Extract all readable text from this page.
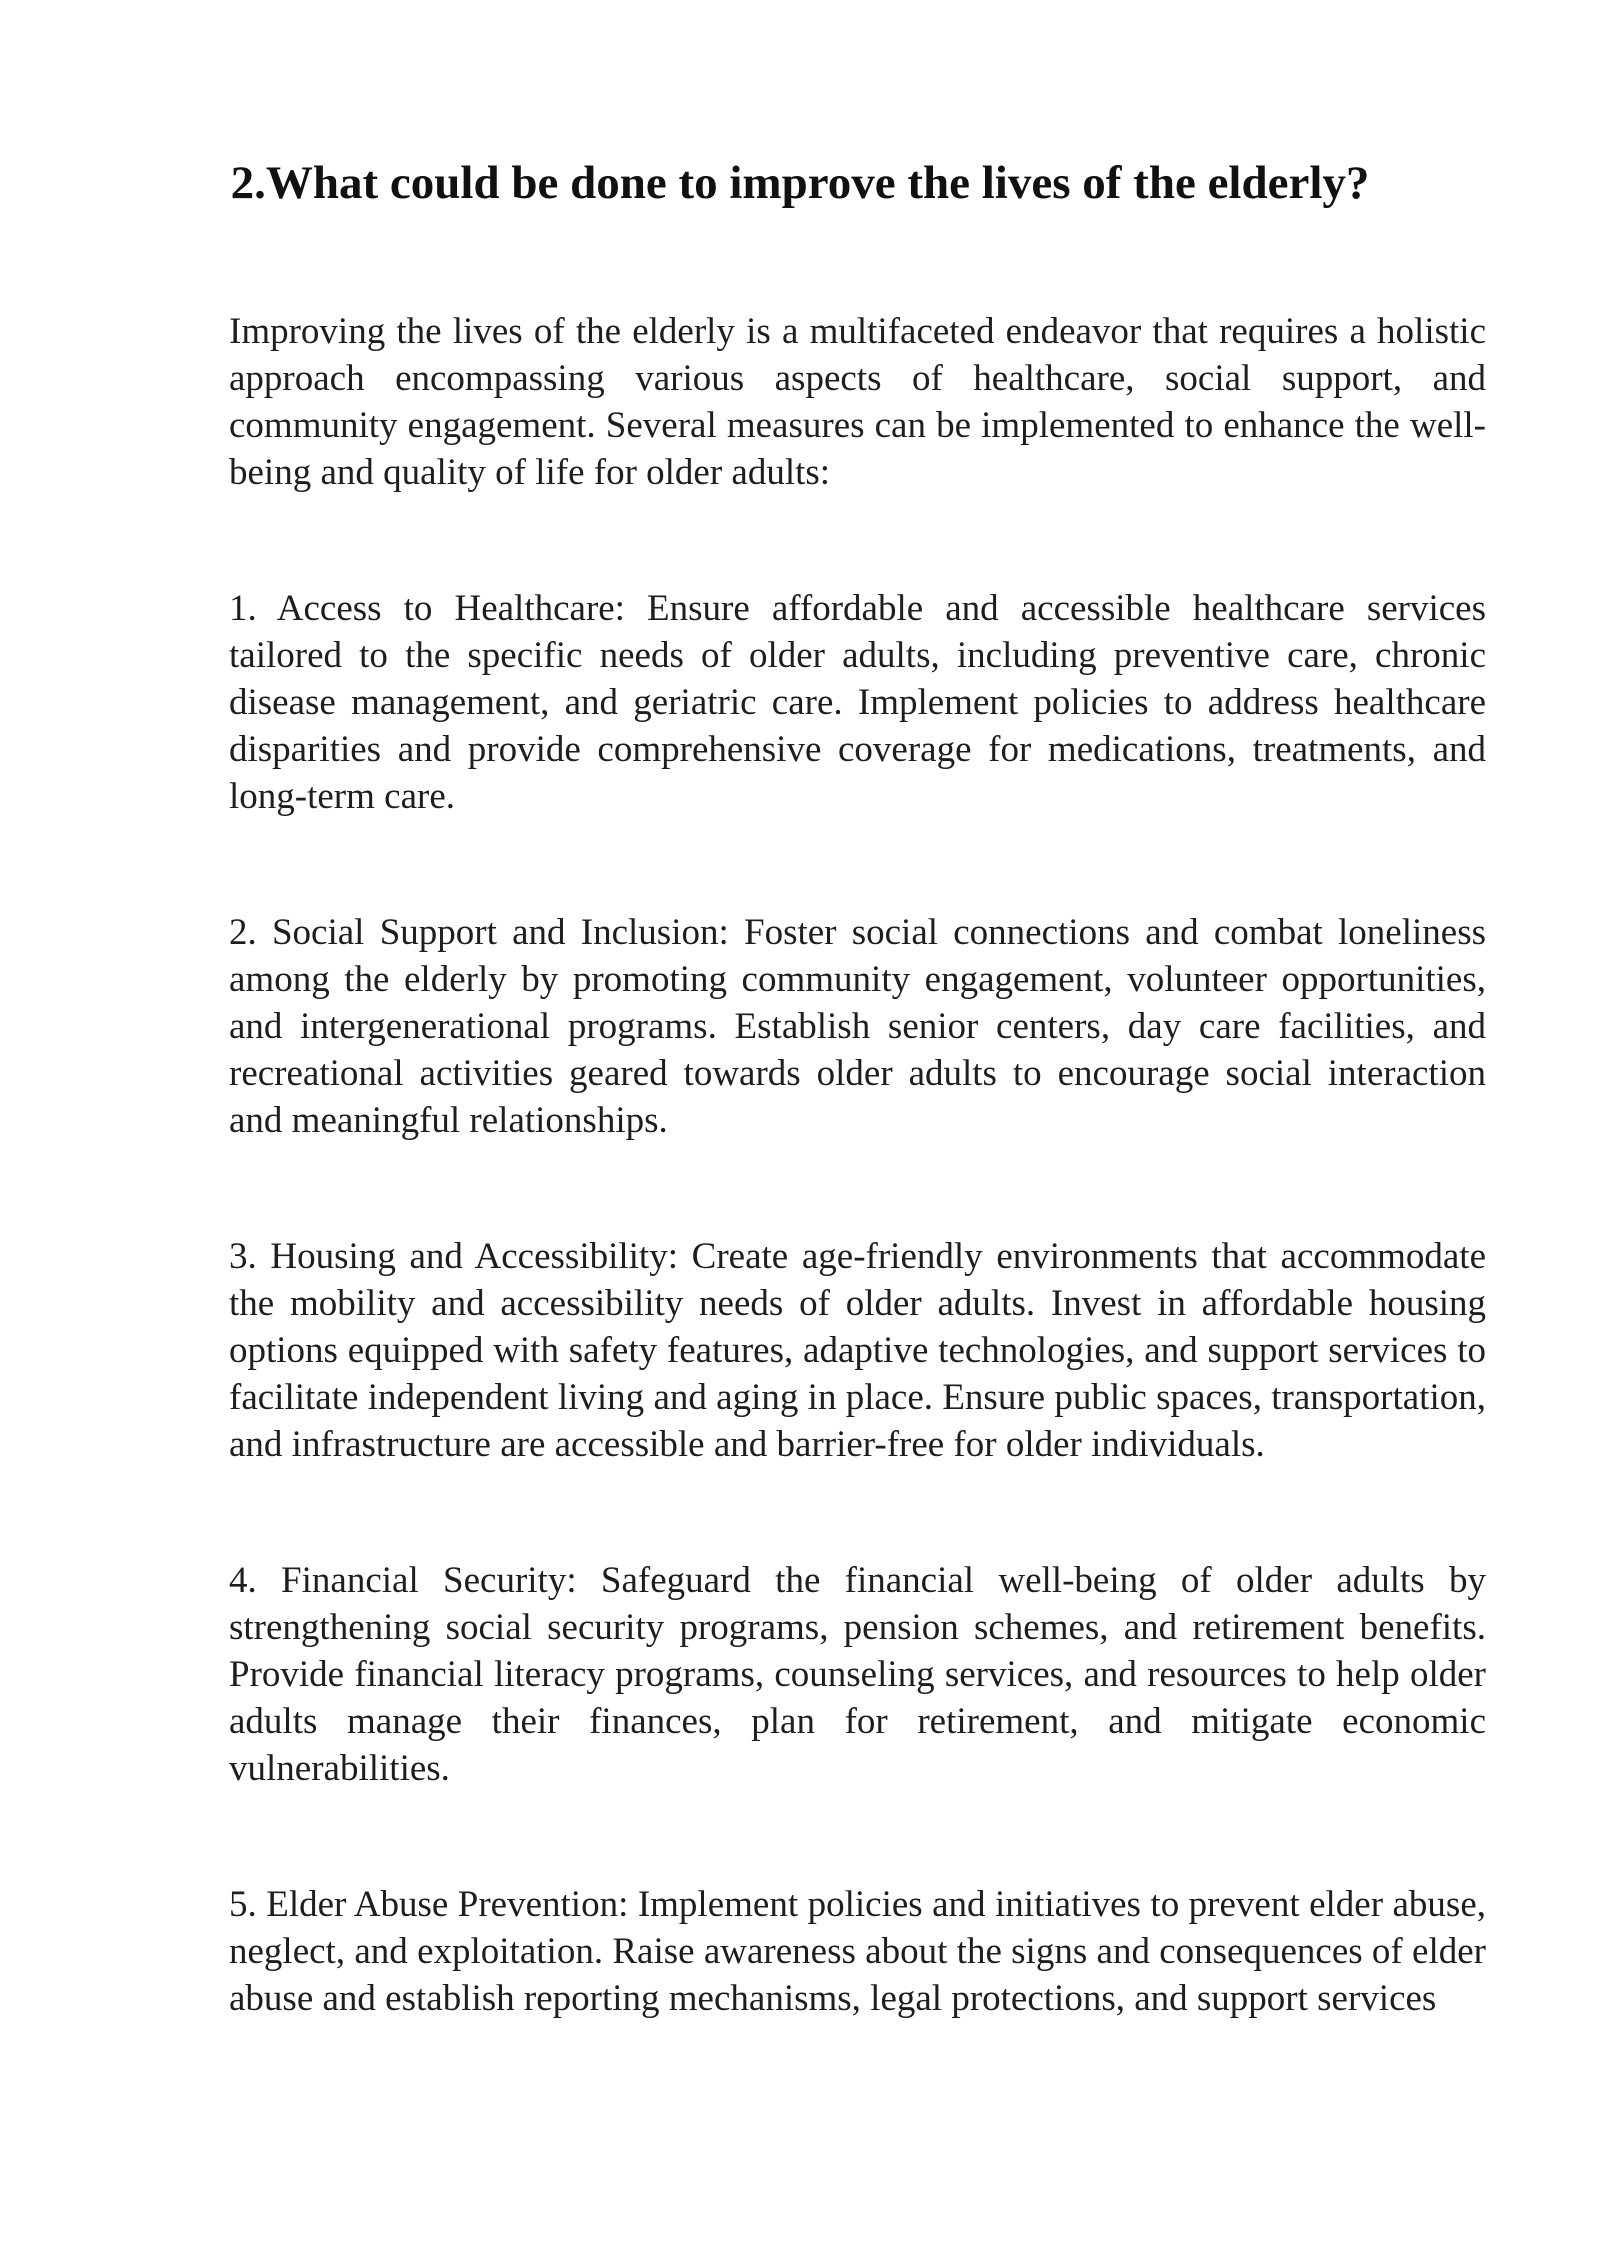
2.What could be done to improve the lives of the elderly?

Improving the lives of the elderly is a multifaceted endeavor that requires a holistic approach encompassing various aspects of healthcare, social support, and community engagement. Several measures can be implemented to enhance the well-being and quality of life for older adults:

1. Access to Healthcare: Ensure affordable and accessible healthcare services tailored to the specific needs of older adults, including preventive care, chronic disease management, and geriatric care. Implement policies to address healthcare disparities and provide comprehensive coverage for medications, treatments, and long-term care.

2. Social Support and Inclusion: Foster social connections and combat loneliness among the elderly by promoting community engagement, volunteer opportunities, and intergenerational programs. Establish senior centers, day care facilities, and recreational activities geared towards older adults to encourage social interaction and meaningful relationships.

3. Housing and Accessibility: Create age-friendly environments that accommodate the mobility and accessibility needs of older adults. Invest in affordable housing options equipped with safety features, adaptive technologies, and support services to facilitate independent living and aging in place. Ensure public spaces, transportation, and infrastructure are accessible and barrier-free for older individuals.

4. Financial Security: Safeguard the financial well-being of older adults by strengthening social security programs, pension schemes, and retirement benefits. Provide financial literacy programs, counseling services, and resources to help older adults manage their finances, plan for retirement, and mitigate economic vulnerabilities.

5. Elder Abuse Prevention: Implement policies and initiatives to prevent elder abuse, neglect, and exploitation. Raise awareness about the signs and consequences of elder abuse and establish reporting mechanisms, legal protections, and support services
